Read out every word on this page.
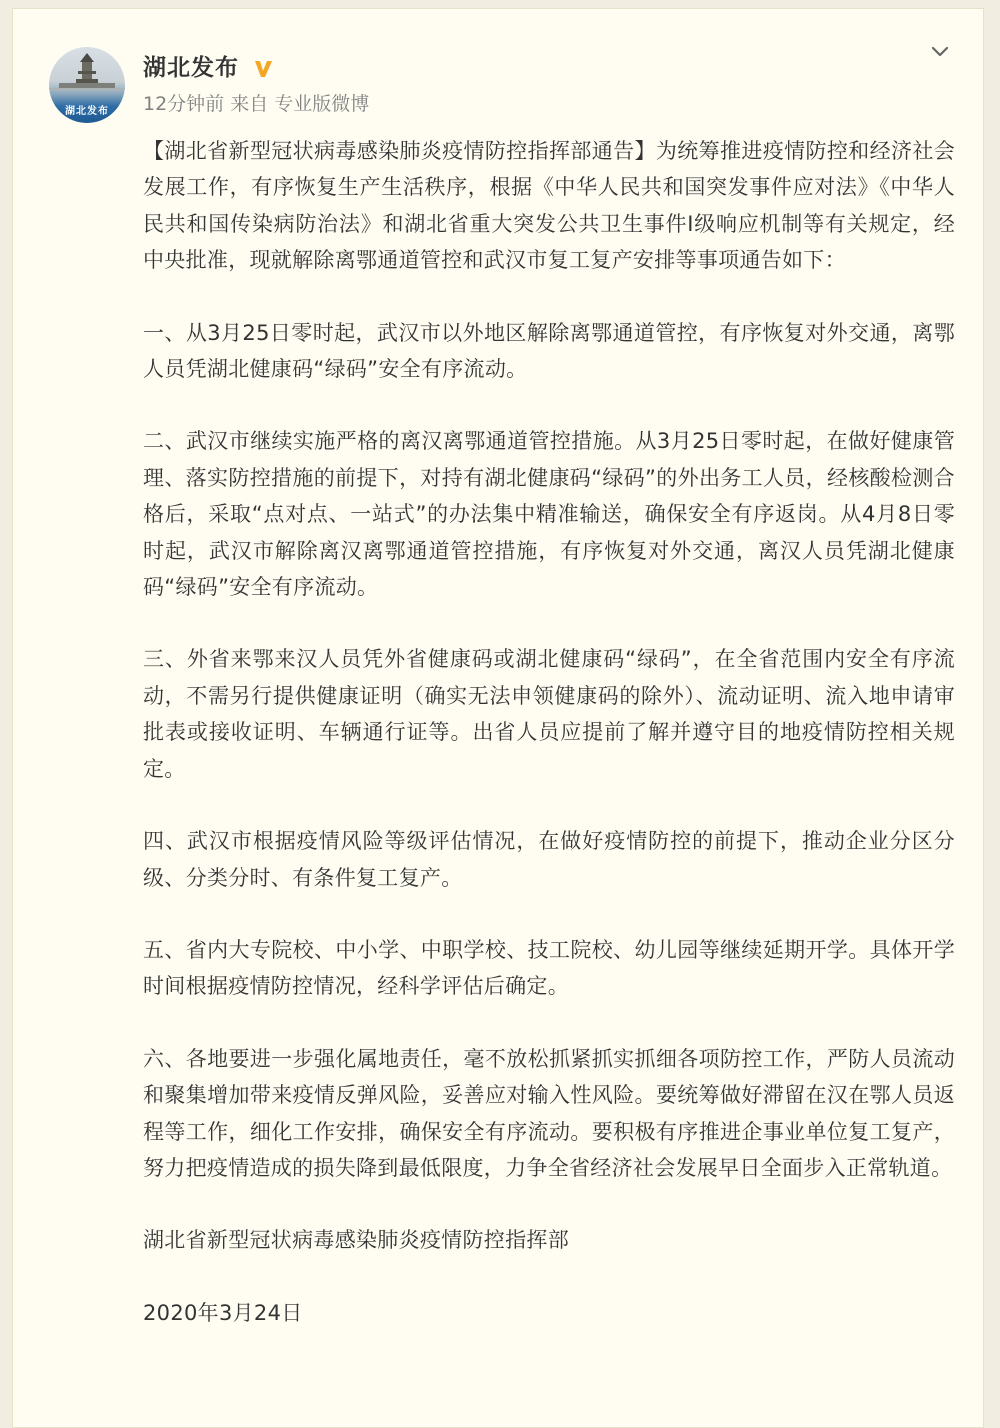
湖北发布
湖北发布
12分钟前 来自 专业版微博

【湖北省新型冠状病毒感染肺炎疫情防控指挥部通告】为统筹推进疫情防控和经济社会发展工作，有序恢复生产生活秩序，根据《中华人民共和国突发事件应对法》《中华人民共和国传染病防治法》和湖北省重大突发公共卫生事件I级响应机制等有关规定，经中央批准，现就解除离鄂通道管控和武汉市复工复产安排等事项通告如下：

一、从3月25日零时起，武汉市以外地区解除离鄂通道管控，有序恢复对外交通，离鄂人员凭湖北健康码“绿码”安全有序流动。

二、武汉市继续实施严格的离汉离鄂通道管控措施。从3月25日零时起，在做好健康管理、落实防控措施的前提下，对持有湖北健康码“绿码”的外出务工人员，经核酸检测合格后，采取“点对点、一站式”的办法集中精准输送，确保安全有序返岗。从4月8日零时起，武汉市解除离汉离鄂通道管控措施，有序恢复对外交通，离汉人员凭湖北健康码“绿码”安全有序流动。

三、外省来鄂来汉人员凭外省健康码或湖北健康码“绿码”，在全省范围内安全有序流动，不需另行提供健康证明（确实无法申领健康码的除外）、流动证明、流入地申请审批表或接收证明、车辆通行证等。出省人员应提前了解并遵守目的地疫情防控相关规定。

四、武汉市根据疫情风险等级评估情况，在做好疫情防控的前提下，推动企业分区分级、分类分时、有条件复工复产。

五、省内大专院校、中小学、中职学校、技工院校、幼儿园等继续延期开学。具体开学时间根据疫情防控情况，经科学评估后确定。

六、各地要进一步强化属地责任，毫不放松抓紧抓实抓细各项防控工作，严防人员流动和聚集增加带来疫情反弹风险，妥善应对输入性风险。要统筹做好滞留在汉在鄂人员返程等工作，细化工作安排，确保安全有序流动。要积极有序推进企事业单位复工复产，努力把疫情造成的损失降到最低限度，力争全省经济社会发展早日全面步入正常轨道。

湖北省新型冠状病毒感染肺炎疫情防控指挥部

2020年3月24日
